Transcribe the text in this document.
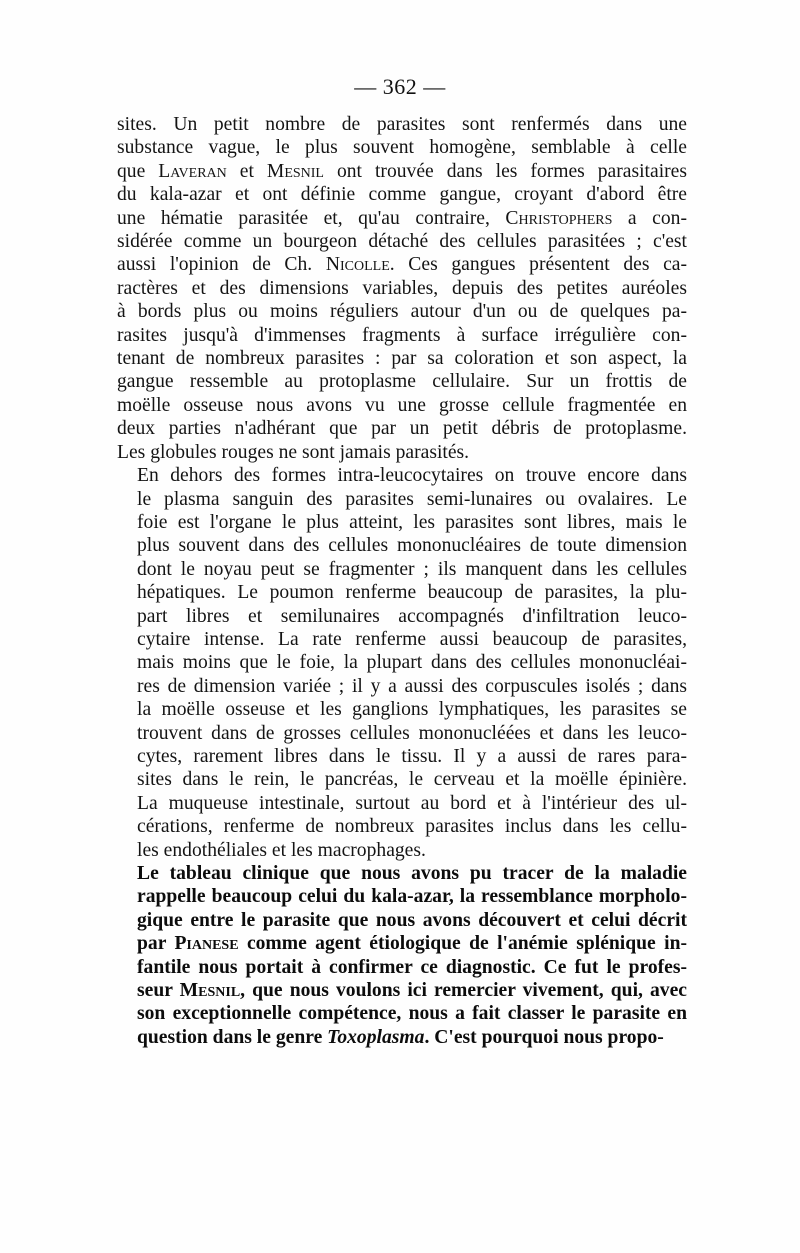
— 362 —
sites. Un petit nombre de parasites sont renfermés dans une
substance vague, le plus souvent homogène, semblable à celle
que Laveran et Mesnil ont trouvée dans les formes parasitaires
du kala-azar et ont définie comme gangue, croyant d'abord être
une hématie parasitée et, qu'au contraire, Christophers a con-
sidérée comme un bourgeon détaché des cellules parasitées ; c'est
aussi l'opinion de Ch. Nicolle. Ces gangues présentent des ca-
ractères et des dimensions variables, depuis des petites auréoles
à bords plus ou moins réguliers autour d'un ou de quelques pa-
rasites jusqu'à d'immenses fragments à surface irrégulière con-
tenant de nombreux parasites : par sa coloration et son aspect, la
gangue ressemble au protoplasme cellulaire. Sur un frottis de
moëlle osseuse nous avons vu une grosse cellule fragmentée en
deux parties n'adhérant que par un petit débris de protoplasme.
Les globules rouges ne sont jamais parasités.
En dehors des formes intra-leucocytaires on trouve encore dans
le plasma sanguin des parasites semi-lunaires ou ovalaires. Le
foie est l'organe le plus atteint, les parasites sont libres, mais le
plus souvent dans des cellules mononucléaires de toute dimension
dont le noyau peut se fragmenter ; ils manquent dans les cellules
hépatiques. Le poumon renferme beaucoup de parasites, la plu-
part libres et semilunaires accompagnés d'infiltration leuco-
cytaire intense. La rate renferme aussi beaucoup de parasites,
mais moins que le foie, la plupart dans des cellules mononucléai-
res de dimension variée ; il y a aussi des corpuscules isolés ; dans
la moëlle osseuse et les ganglions lymphatiques, les parasites se
trouvent dans de grosses cellules mononucléées et dans les leuco-
cytes, rarement libres dans le tissu. Il y a aussi de rares para-
sites dans le rein, le pancréas, le cerveau et la moëlle épinière.
La muqueuse intestinale, surtout au bord et à l'intérieur des ul-
cérations, renferme de nombreux parasites inclus dans les cellu-
les endothéliales et les macrophages.
Le tableau clinique que nous avons pu tracer de la maladie
rappelle beaucoup celui du kala-azar, la ressemblance morpholo-
gique entre le parasite que nous avons découvert et celui décrit
par Pianese comme agent étiologique de l'anémie splénique in-
fantile nous portait à confirmer ce diagnostic. Ce fut le profes-
seur Mesnil, que nous voulons ici remercier vivement, qui, avec
son exceptionnelle compétence, nous a fait classer le parasite en
question dans le genre Toxoplasma. C'est pourquoi nous propo-
